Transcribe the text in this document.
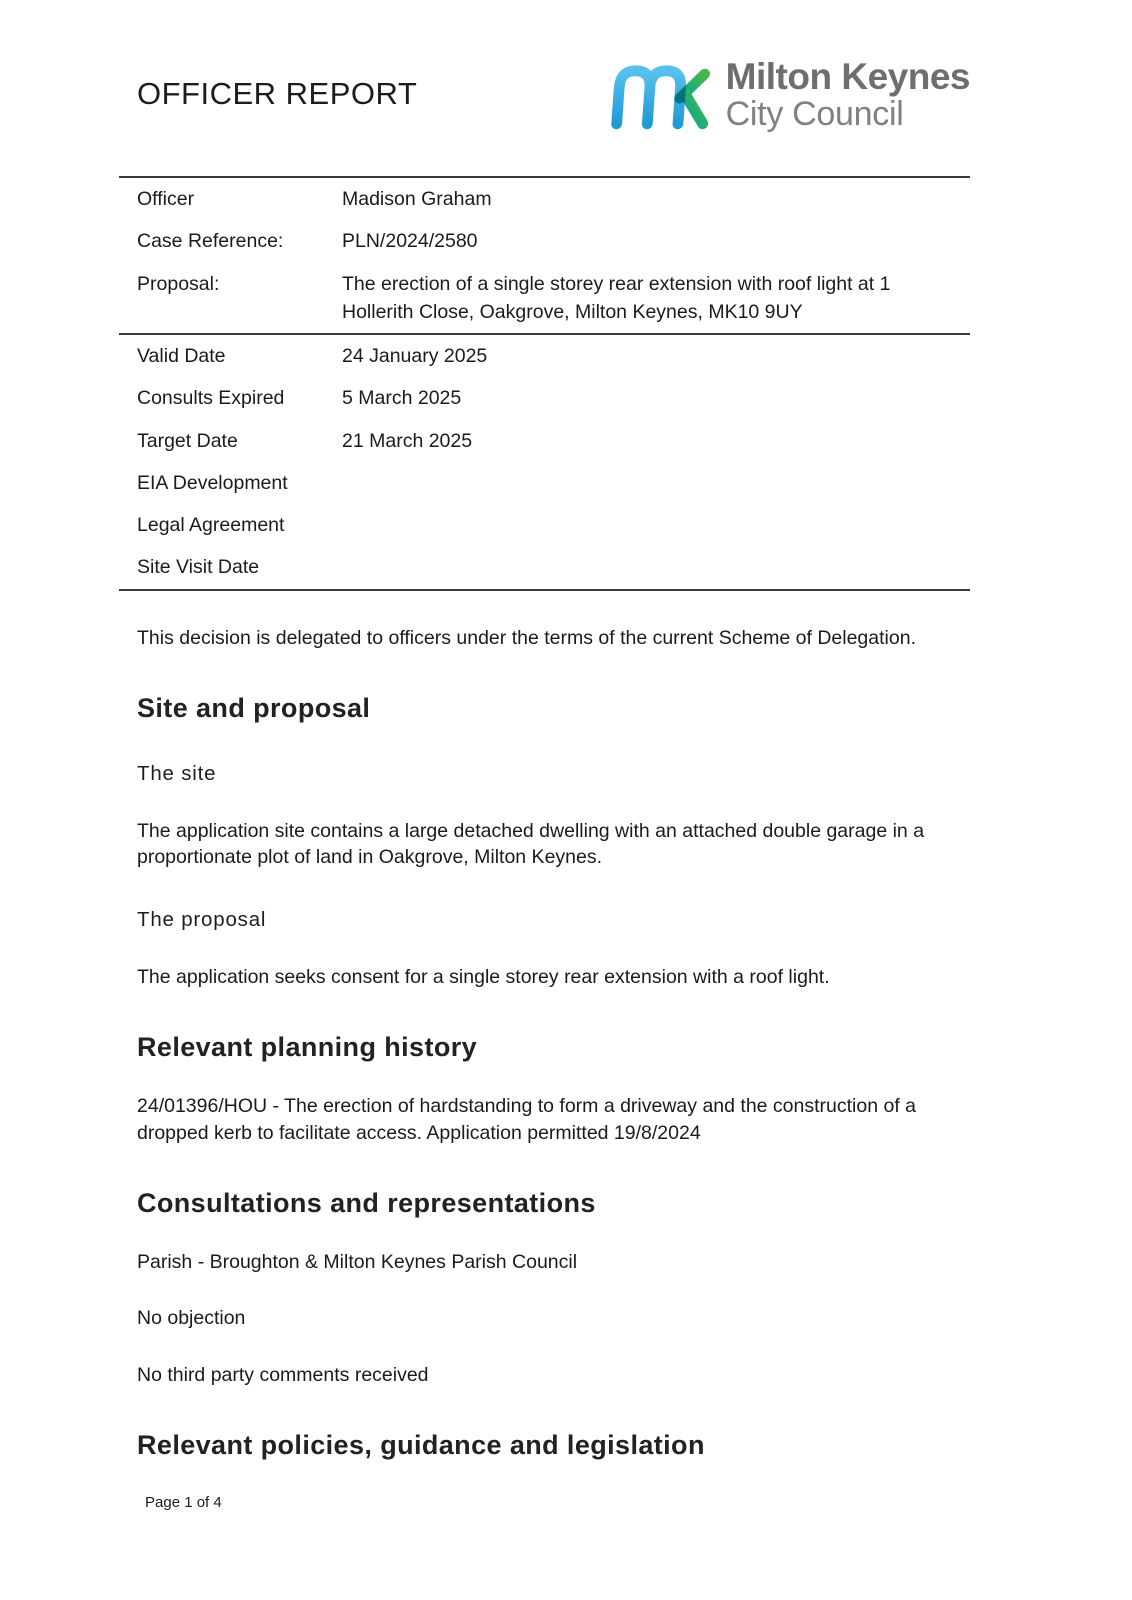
OFFICER REPORT	Milton Keynes
City Council
Officer	Madison Graham
Case Reference:	PLN/2024/2580
Proposal:	The erection of a single storey rear extension with roof light at 1 Hollerith Close, Oakgrove, Milton Keynes, MK10 9UY
Valid Date	24 January 2025
Consults Expired	5 March 2025
Target Date	21 March 2025
EIA Development
Legal Agreement
Site Visit Date

This decision is delegated to officers under the terms of the current Scheme of Delegation.

Site and proposal
The site

The application site contains a large detached dwelling with an attached double garage in a proportionate plot of land in Oakgrove, Milton Keynes.

The proposal

The application seeks consent for a single storey rear extension with a roof light.

Relevant planning history

24/01396/HOU - The erection of hardstanding to form a driveway and the construction of a dropped kerb to facilitate access. Application permitted 19/8/2024

Consultations and representations

Parish - Broughton & Milton Keynes Parish Council

No objection

No third party comments received

Relevant policies, guidance and legislation
Page 1 of 4
